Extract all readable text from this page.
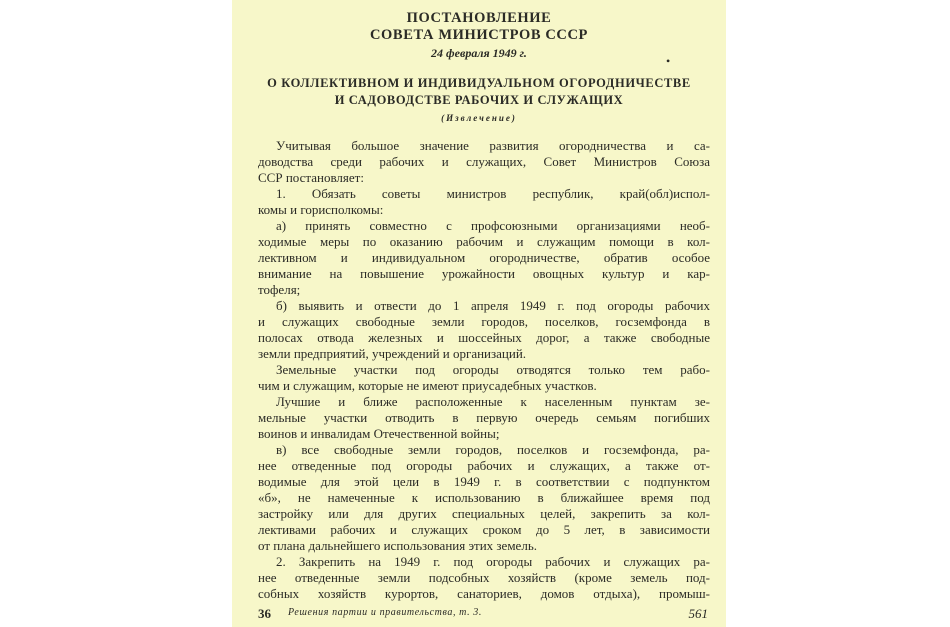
ПОСТАНОВЛЕНИЕ
СОВЕТА МИНИСТРОВ СССР
24 февраля 1949 г.
•
О КОЛЛЕКТИВНОМ И ИНДИВИДУАЛЬНОМ ОГОРОДНИЧЕСТВЕ
И САДОВОДСТВЕ РАБОЧИХ И СЛУЖАЩИХ
(Извлечение)
Учитывая большое значение развития огородничества и са-
доводства среди рабочих и служащих, Совет Министров Союза
ССР постановляет:
1. Обязать советы министров республик, край(обл)испол-
комы и горисполкомы:
а) принять совместно с профсоюзными организациями необ-
ходимые меры по оказанию рабочим и служащим помощи в кол-
лективном и индивидуальном огородничестве, обратив особое
внимание на повышение урожайности овощных культур и кар-
тофеля;
б) выявить и отвести до 1 апреля 1949 г. под огороды рабочих
и служащих свободные земли городов, поселков, госземфонда в
полосах отвода железных и шоссейных дорог, а также свободные
земли предприятий, учреждений и организаций.
Земельные участки под огороды отводятся только тем рабо-
чим и служащим, которые не имеют приусадебных участков.
Лучшие и ближе расположенные к населенным пунктам зе-
мельные участки отводить в первую очередь семьям погибших
воинов и инвалидам Отечественной войны;
в) все свободные земли городов, поселков и госземфонда, ра-
нее отведенные под огороды рабочих и служащих, а также от-
водимые для этой цели в 1949 г. в соответствии с подпунктом
«б», не намеченные к использованию в ближайшее время под
застройку или для других специальных целей, закрепить за кол-
лективами рабочих и служащих сроком до 5 лет, в зависимости
от плана дальнейшего использования этих земель.
2. Закрепить на 1949 г. под огороды рабочих и служащих ра-
нее отведенные земли подсобных хозяйств (кроме земель под-
собных хозяйств курортов, санаториев, домов отдыха), промыш-
36 Решения партии и правительства, т. 3.	561
